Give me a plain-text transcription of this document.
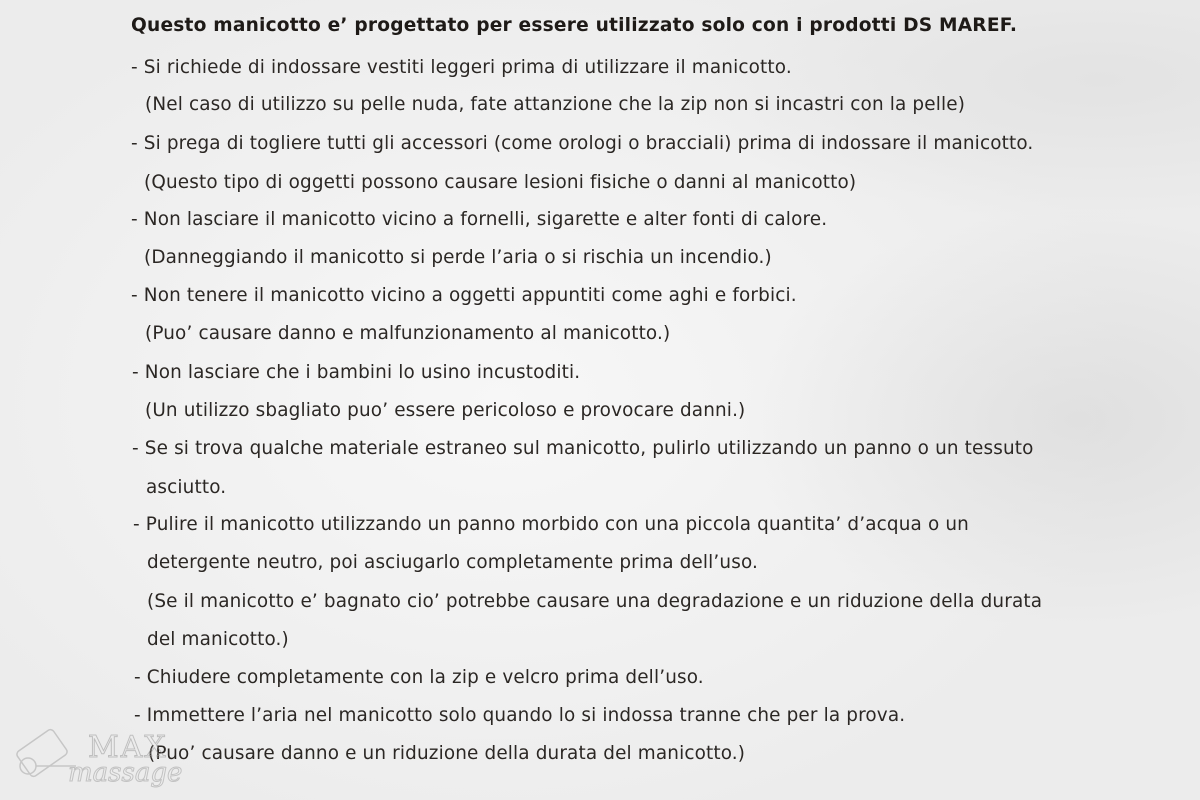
Questo manicotto e’ progettato per essere utilizzato solo con i prodotti DS MAREF.
- Si richiede di indossare vestiti leggeri prima di utilizzare il manicotto.
(Nel caso di utilizzo su pelle nuda, fate attanzione che la zip non si incastri con la pelle)
- Si prega di togliere tutti gli accessori (come orologi o bracciali) prima di indossare il manicotto.
(Questo tipo di oggetti possono causare lesioni fisiche o danni al manicotto)
- Non lasciare il manicotto vicino a fornelli, sigarette e alter fonti di calore.
(Danneggiando il manicotto si perde l’aria o si rischia un incendio.)
- Non tenere il manicotto vicino a oggetti appuntiti come aghi e forbici.
(Puo’ causare danno e malfunzionamento al manicotto.)
- Non lasciare che i bambini lo usino incustoditi.
(Un utilizzo sbagliato puo’ essere pericoloso e provocare danni.)
- Se si trova qualche materiale estraneo sul manicotto, pulirlo utilizzando un panno o un tessuto
asciutto.
- Pulire il manicotto utilizzando un panno morbido con una piccola quantita’ d’acqua o un
detergente neutro, poi asciugarlo completamente prima dell’uso.
(Se il manicotto e’ bagnato cio’ potrebbe causare una degradazione e un riduzione della durata
del manicotto.)
- Chiudere completamente con la zip e velcro prima dell’uso.
- Immettere l’aria nel manicotto solo quando lo si indossa tranne che per la prova.
(Puo’ causare danno e un riduzione della durata del manicotto.)
MAX
massage
